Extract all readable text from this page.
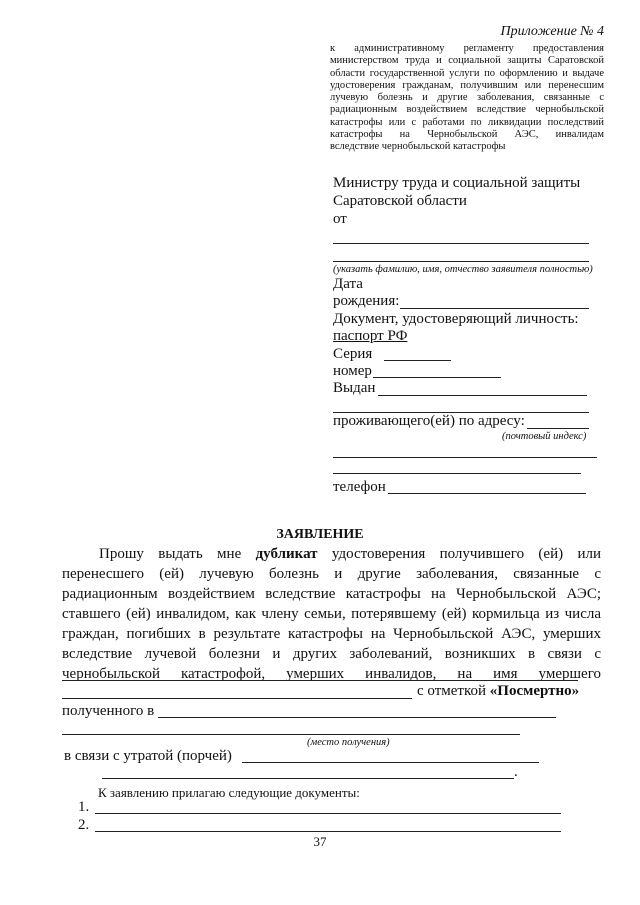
Приложение № 4
к административному регламенту предоставления
министерством труда и социальной защиты Саратовской
области государственной услуги по оформлению и выдаче
удостоверения гражданам, получившим или перенесшим
лучевую болезнь и другие заболевания, связанные с
радиационным воздействием вследствие чернобыльской
катастрофы или с работами по ликвидации последствий
катастрофы на Чернобыльской АЭС, инвалидам
вследствие чернобыльской катастрофы
Министру труда и социальной защиты
Саратовской области
от
(указать фамилию, имя, отчество заявителя полностью)
Дата
рождения:
Документ, удостоверяющий личность:
паспорт РФ
Серия
номер
Выдан
проживающего(ей) по адресу:
(почтовый индекс)
телефон
ЗАЯВЛЕНИЕ
Прошу выдать мне дубликат удостоверения получившего (ей) или
перенесшего (ей) лучевую болезнь и другие заболевания, связанные с
радиационным воздействием вследствие катастрофы на Чернобыльской АЭС;
ставшего (ей) инвалидом, как члену семьи, потерявшему (ей) кормильца из числа
граждан, погибших в результате катастрофы на Чернобыльской АЭС, умерших
вследствие лучевой болезни и других заболеваний, возникших в связи с
чернобыльской катастрофой, умерших инвалидов, на имя умершего
с отметкой «Посмертно»
полученного в
(место получения)
в связи с утратой (порчей)
.
К заявлению прилагаю следующие документы:
1.
2.
37
